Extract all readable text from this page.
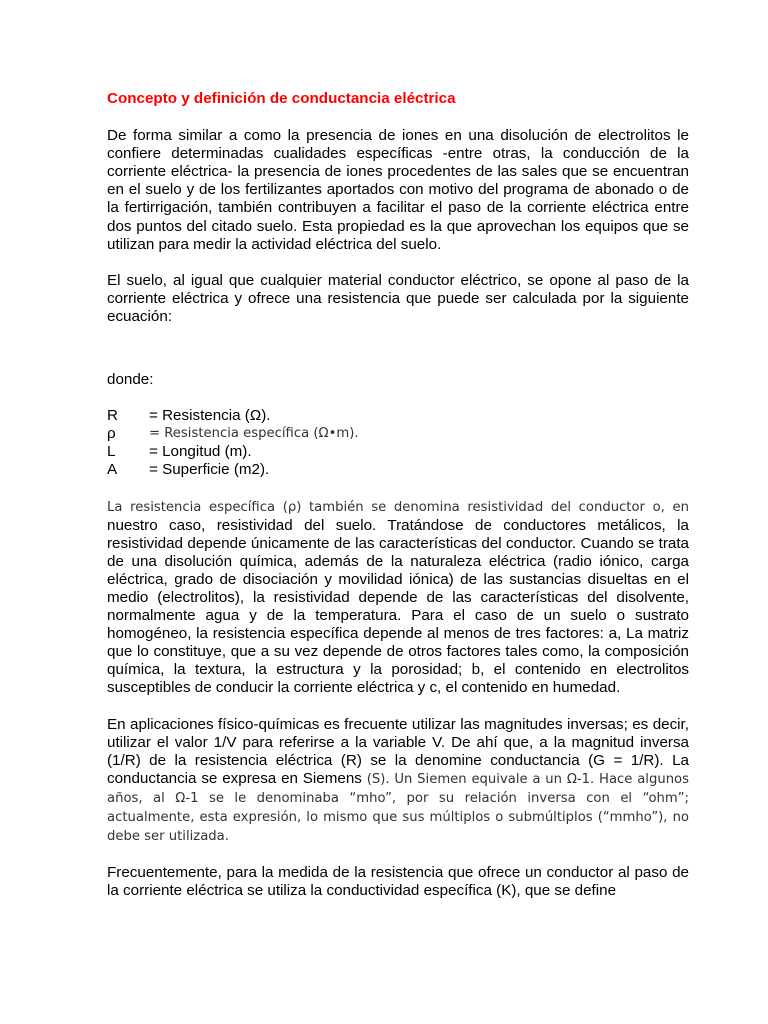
Concepto y definición de conductancia eléctrica

De forma similar a como la presencia de iones en una disolución de electrolitos le confiere determinadas cualidades específicas -entre otras, la conducción de la corriente eléctrica- la presencia de iones procedentes de las sales que se encuentran en el suelo y de los fertilizantes aportados con motivo del programa de abonado o de la fertirrigación, también contribuyen a facilitar el paso de la corriente eléctrica entre dos puntos del citado suelo. Esta propiedad es la que aprovechan los equipos que se utilizan para medir la actividad eléctrica del suelo.

El suelo, al igual que cualquier material conductor eléctrico, se opone al paso de la corriente eléctrica y ofrece una resistencia que puede ser calculada por la siguiente ecuación:

donde:

R	= Resistencia (Ω).
ρ	= Resistencia específica (Ω•m).
L	= Longitud (m).
A	= Superficie (m2).

La resistencia específica (ρ) también se denomina resistividad del conductor o, en nuestro caso, resistividad del suelo. Tratándose de conductores metálicos, la resistividad depende únicamente de las características del conductor. Cuando se trata de una disolución química, además de la naturaleza eléctrica (radio iónico, carga eléctrica, grado de disociación y movilidad iónica) de las sustancias disueltas en el medio (electrolitos), la resistividad depende de las características del disolvente, normalmente agua y de la temperatura. Para el caso de un suelo o sustrato homogéneo, la resistencia específica depende al menos de tres factores: a, La matriz que lo constituye, que a su vez depende de otros factores tales como, la composición química, la textura, la estructura y la porosidad; b, el contenido en electrolitos susceptibles de conducir la corriente eléctrica y c, el contenido en humedad.

En aplicaciones físico-químicas es frecuente utilizar las magnitudes inversas; es decir, utilizar el valor 1/V para referirse a la variable V. De ahí que, a la magnitud inversa (1/R) de la resistencia eléctrica (R) se la denomine conductancia (G = 1/R). La conductancia se expresa en Siemens (S). Un Siemen equivale a un Ω-1. Hace algunos años, al Ω-1 se le denominaba “mho”, por su relación inversa con el “ohm”; actualmente, esta expresión, lo mismo que sus múltiplos o submúltiplos (“mmho”), no debe ser utilizada.

Frecuentemente, para la medida de la resistencia que ofrece un conductor al paso de la corriente eléctrica se utiliza la conductividad específica (K), que se define
